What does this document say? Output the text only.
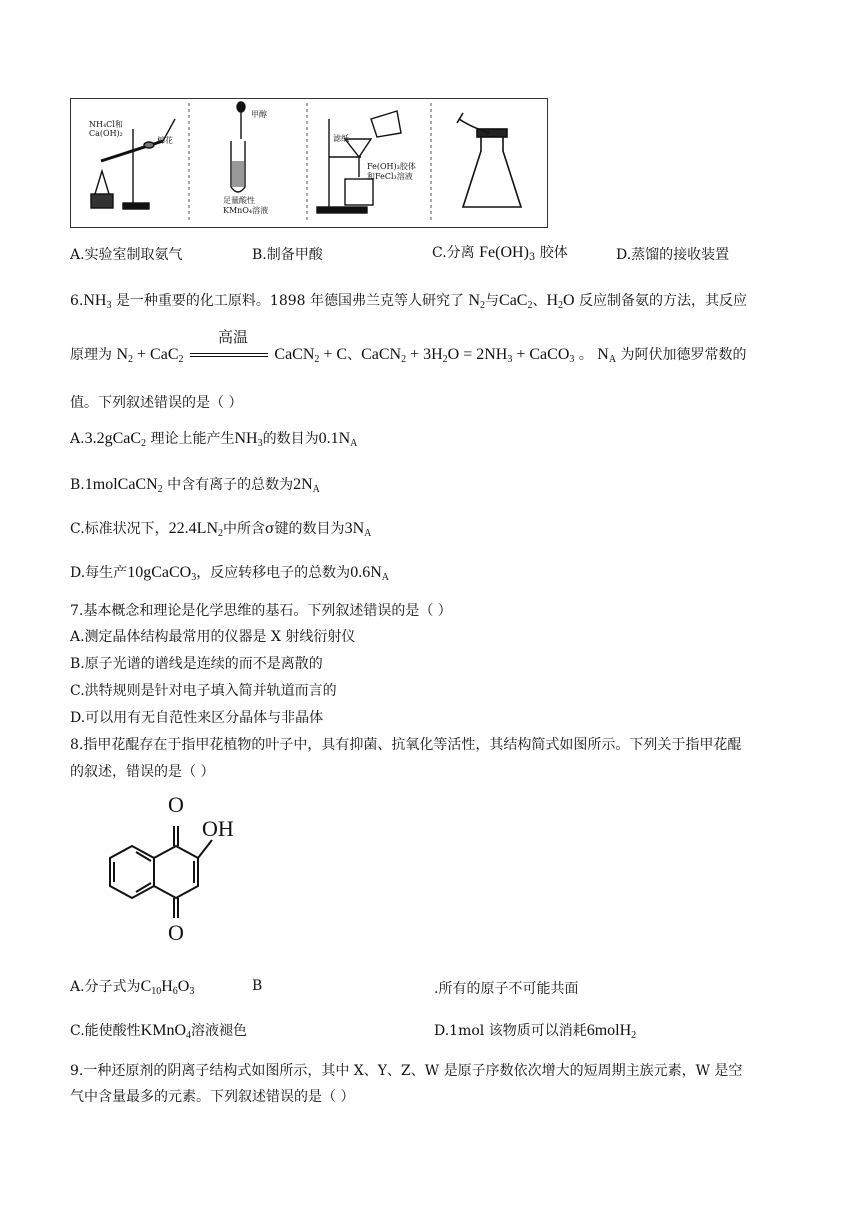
NH₄Cl和
Ca(OH)₂
棉花
甲醇
足量酸性
KMnO₄溶液
滤纸
Fe(OH)₃胶体
和FeCl₃溶液
A.实验室制取氨气	B.制备甲酸	C.分离 $Fe(OH)_3$ 胶体	D.蒸馏的接收装置
$6.NH_3$ 是一种重要的化工原料。1898 年德国弗兰克等人研究了 $N_2$与CaC$_2$、$H_2O$ 反应制备氨的方法，其反应
高温
原理为 $N_2 + CaC_2$	CaCN$_2$ + C、CaCN$_2$ + $3H_2O = 2NH_3$ + CaCO$_3$ 。 $N_A$ 为阿伏加德罗常数的
值。下列叙述错误的是（ ）
A.3.2gCaC$_2$ 理论上能产生$NH_3$的数目为$0.1N_A$
B.1molCaCN$_2$ 中含有离子的总数为$2N_A$
C.标准状况下，$22.4LN_2$中所含σ键的数目为$3N_A$
D.每生产10gCaCO$_3$，反应转移电子的总数为$0.6N_A$
7.基本概念和理论是化学思维的基石。下列叙述错误的是（ ）
A.测定晶体结构最常用的仪器是 X 射线衍射仪
B.原子光谱的谱线是连续的而不是离散的
C.洪特规则是针对电子填入简并轨道而言的
D.可以用有无自范性来区分晶体与非晶体
8.指甲花醌存在于指甲花植物的叶子中，具有抑菌、抗氧化等活性，其结构简式如图所示。下列关于指甲花醌
的叙述，错误的是（ ）
O
OH
O
A.分子式为$C_{10}H_6O_3$	B	.所有的原子不可能共面
C.能使酸性KMnO$_4$溶液褪色	D.1mol 该物质可以消耗6molH$_2$
9.一种还原剂的阴离子结构式如图所示，其中 X、Y、Z、W 是原子序数依次增大的短周期主族元素，W 是空
气中含量最多的元素。下列叙述错误的是（ ）
